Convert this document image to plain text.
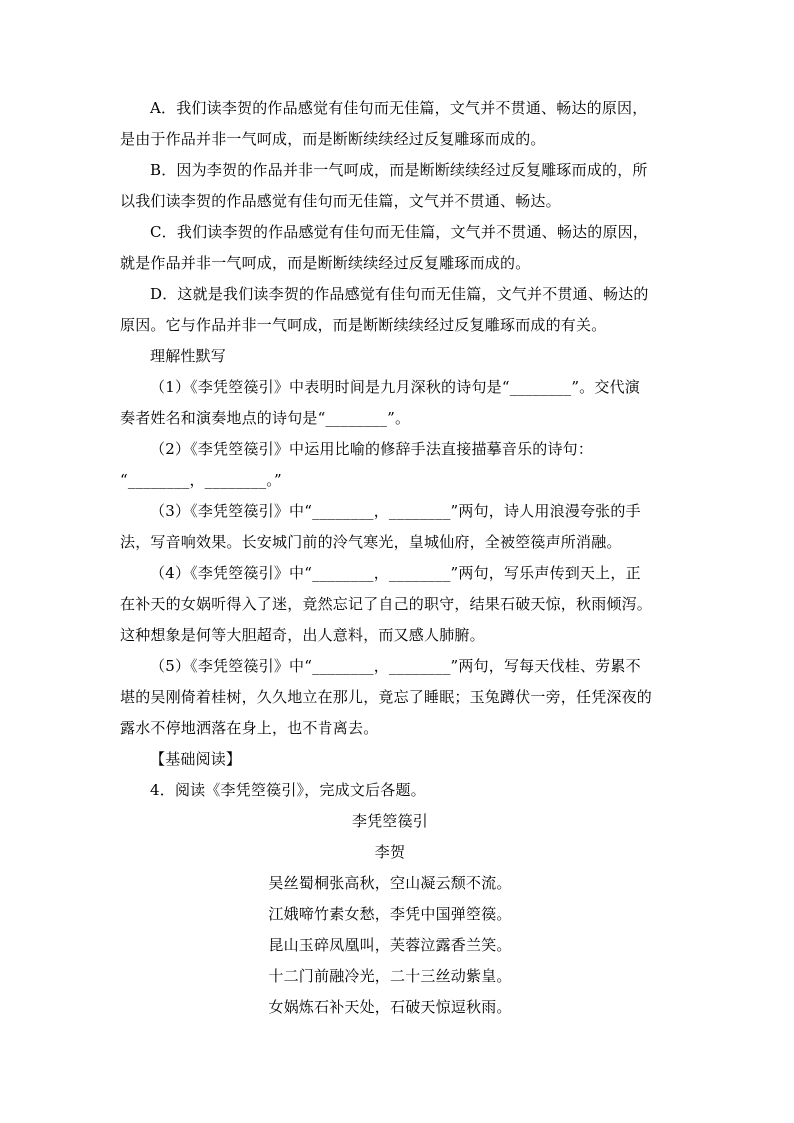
A．我们读李贺的作品感觉有佳句而无佳篇，文气并不贯通、畅达的原因，
是由于作品并非一气呵成，而是断断续续经过反复雕琢而成的。
B．因为李贺的作品并非一气呵成，而是断断续续经过反复雕琢而成的，所
以我们读李贺的作品感觉有佳句而无佳篇，文气并不贯通、畅达。
C．我们读李贺的作品感觉有佳句而无佳篇，文气并不贯通、畅达的原因，
就是作品并非一气呵成，而是断断续续经过反复雕琢而成的。
D．这就是我们读李贺的作品感觉有佳句而无佳篇，文气并不贯通、畅达的
原因。它与作品并非一气呵成，而是断断续续经过反复雕琢而成的有关。
理解性默写
（1）《李凭箜篌引》中表明时间是九月深秋的诗句是“________”。交代演
奏者姓名和演奏地点的诗句是“________”。
（2）《李凭箜篌引》中运用比喻的修辞手法直接描摹音乐的诗句：
“________，________。”
（3）《李凭箜篌引》中“________，________”两句，诗人用浪漫夸张的手
法，写音响效果。长安城门前的泠气寒光，皇城仙府，全被箜篌声所消融。
（4）《李凭箜篌引》中“________，________”两句，写乐声传到天上，正
在补天的女娲听得入了迷，竟然忘记了自己的职守，结果石破天惊，秋雨倾泻。
这种想象是何等大胆超奇，出人意料，而又感人肺腑。
（5）《李凭箜篌引》中“________，________”两句，写每天伐桂、劳累不
堪的吴刚倚着桂树，久久地立在那儿，竟忘了睡眠；玉兔蹲伏一旁，任凭深夜的
露水不停地洒落在身上，也不肯离去。
【基础阅读】
4．阅读《李凭箜篌引》，完成文后各题。
李凭箜篌引
李贺
吴丝蜀桐张高秋，空山凝云颓不流。
江娥啼竹素女愁，李凭中国弹箜篌。
昆山玉碎凤凰叫，芙蓉泣露香兰笑。
十二门前融冷光，二十三丝动紫皇。
女娲炼石补天处，石破天惊逗秋雨。
